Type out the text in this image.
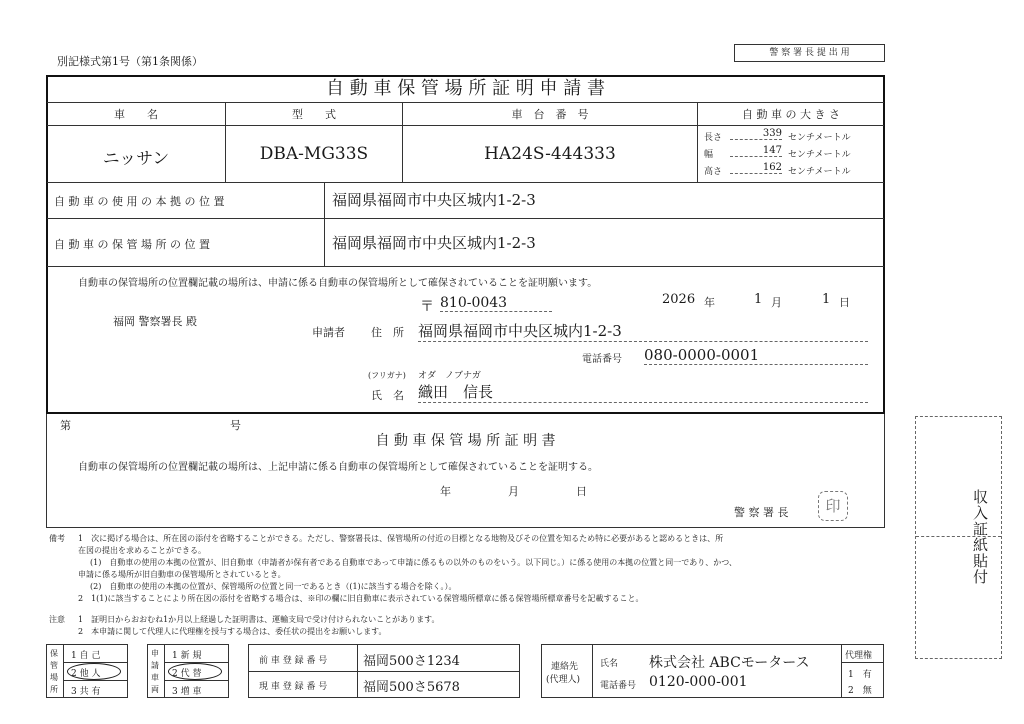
別記様式第1号（第1条関係）
警 察 署 長 提 出 用
自 動 車 保 管 場 所 証 明 申 請 書
車　　名	型　　式	車　台　番　号	自 動 車 の 大 き さ
ニッサン	DBA-MG33S	HA24S-444333
長さ	339 センチメートル
幅	147 センチメートル
高さ	162 センチメートル
自 動 車 の 使 用 の 本 拠 の 位 置	福岡県福岡市中央区城内1-2-3
自 動 車 の 保 管 場 所 の 位 置	福岡県福岡市中央区城内1-2-3
自動車の保管場所の位置欄記載の場所は、申請に係る自動車の保管場所として確保されていることを証明願います。
〒 810-0043	2026 年	1 月	1 日
福岡 警察署長 殿
申請者 住　所 福岡県福岡市中央区城内1-2-3
電話番号 080-0000-0001
(フリガナ) オダ　ノブナガ
氏　名 織田　信長
第	号
自 動 車 保 管 場 所 証 明 書
自動車の保管場所の位置欄記載の場所は、上記申請に係る自動車の保管場所として確保されていることを証明する。
年	月	日
警 察 署 長	印	収入証紙貼付
備考 1　次に掲げる場合は、所在図の添付を省略することができる。ただし、警察署長は、保管場所の付近の目標となる地物及びその位置を知るため特に必要があると認めるときは、所
在図の提出を求めることができる。
(1)　自動車の使用の本拠の位置が、旧自動車（申請者が保有者である自動車であって申請に係るもの以外のものをいう。以下同じ。）に係る使用の本拠の位置と同一であり、かつ、
申請に係る場所が旧自動車の保管場所とされているとき。
(2)　自動車の使用の本拠の位置が、保管場所の位置と同一であるとき（(1)に該当する場合を除く。）。
2　1(1)に該当することにより所在図の添付を省略する場合は、※印の欄に旧自動車に表示されている保管場所標章に係る保管場所標章番号を記載すること。
注意 1　証明日からおおむね1か月以上経過した証明書は、運輸支局で受け付けられないことがあります。
2　本申請に関して代理人に代理権を授与する場合は、委任状の提出をお願いします。
保
管
場
所
1 自 己
2 他 人
3 共 有
申
請
車
両
1 新 規
2 代 替
3 増 車
前 車 登 録 番 号	福岡500さ1234
現 車 登 録 番 号	福岡500さ5678
連絡先
(代理人)
氏名 株式会社 ABCモータース
電話番号 0120-000-001
代理権
1　有
2　無
